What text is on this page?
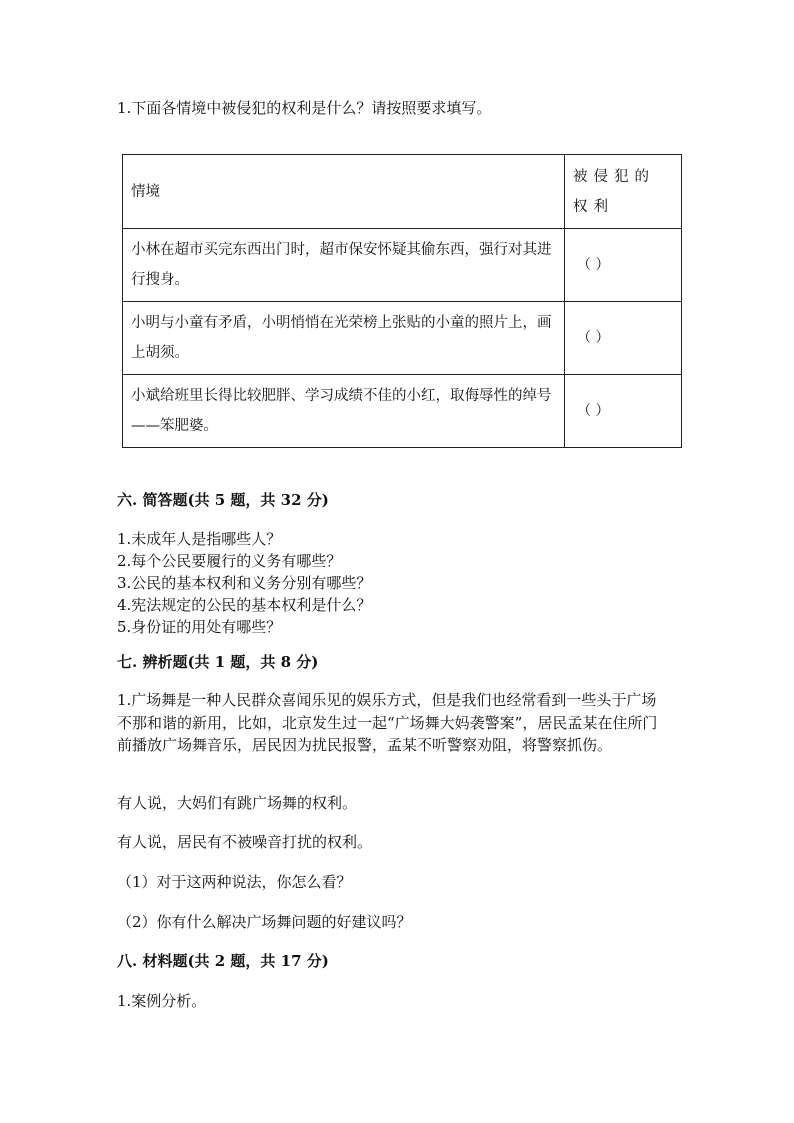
1.下面各情境中被侵犯的权利是什么？请按照要求填写。
情境	被侵犯的权利
小林在超市买完东西出门时，超市保安怀疑其偷东西，强行对其进行搜身。	（ ）

小明与小童有矛盾，小明悄悄在光荣榜上张贴的小童的照片上，画上胡须。	（ ）

小斌给班里长得比较肥胖、学习成绩不佳的小红，取侮辱性的绰号——笨肥婆。	（ ）
六. 简答题(共 5 题，共 32 分)
1.未成年人是指哪些人？
2.每个公民要履行的义务有哪些？
3.公民的基本权利和义务分别有哪些？
4.宪法规定的公民的基本权利是什么？
5.身份证的用处有哪些？
七. 辨析题(共 1 题，共 8 分)
1.广场舞是一种人民群众喜闻乐见的娱乐方式，但是我们也经常看到一些头于广场不那和谐的新用，比如，北京发生过一起“广场舞大妈袭警案”，居民孟某在住所门前播放广场舞音乐，居民因为扰民报警，孟某不听警察劝阻，将警察抓伤。
有人说，大妈们有跳广场舞的权利。
有人说，居民有不被噪音打扰的权利。
（1）对于这两种说法，你怎么看？
（2）你有什么解决广场舞问题的好建议吗？
八. 材料题(共 2 题，共 17 分)
1.案例分析。
